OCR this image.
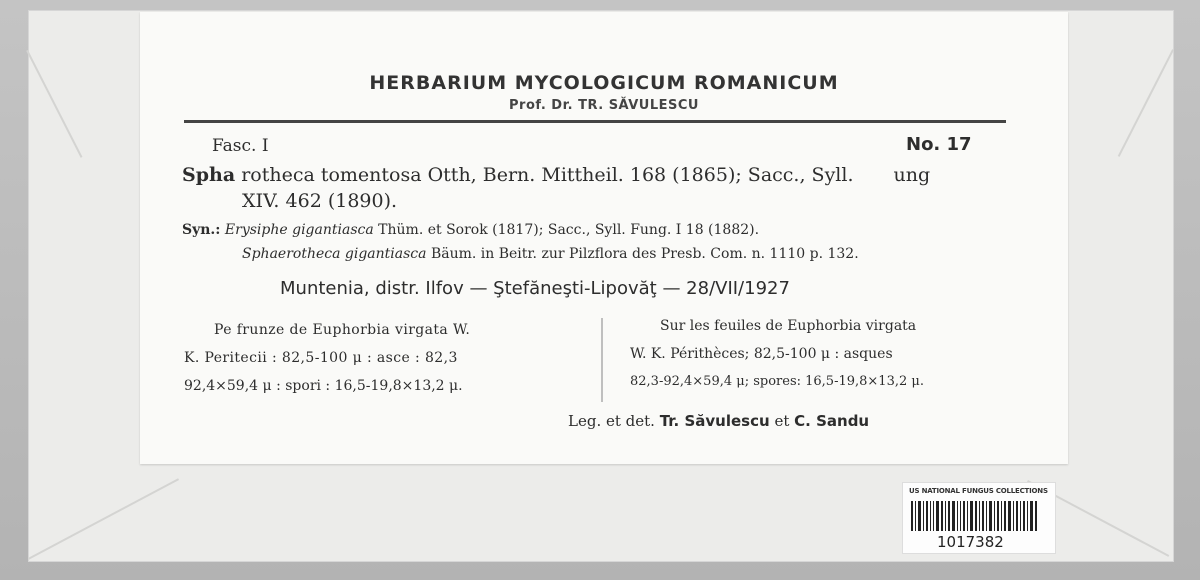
HERBARIUM MYCOLOGICUM ROMANICUM
Prof. Dr. TR. SĂVULESCU
Fasc. I	No. 17
Spha rotheca tomentosa Otth, Bern. Mittheil. 168 (1865); Sacc., Syll. ung
XIV. 462 (1890).
Syn.: Erysiphe gigantiasca Thüm. et Sorok (1817); Sacc., Syll. Fung. I 18 (1882).
Sphaerotheca gigantiasca Bäum. in Beitr. zur Pilzflora des Presb. Com. n. 1110 p. 132.
Muntenia, distr. Ilfov — Ştefăneşti-Lipovăţ — 28/VII/1927
Pe frunze de Euphorbia virgata W.
K. Peritecii : 82,5-100 μ : asce : 82,3
92,4×59,4 μ : spori : 16,5-19,8×13,2 μ.
Sur les feuiles de Euphorbia virgata
W. K. Périthèces; 82,5-100 μ : asques
82,3-92,4×59,4 μ; spores: 16,5-19,8×13,2 μ.
Leg. et det. Tr. Săvulescu et C. Sandu
US NATIONAL FUNGUS COLLECTIONS
1017382
